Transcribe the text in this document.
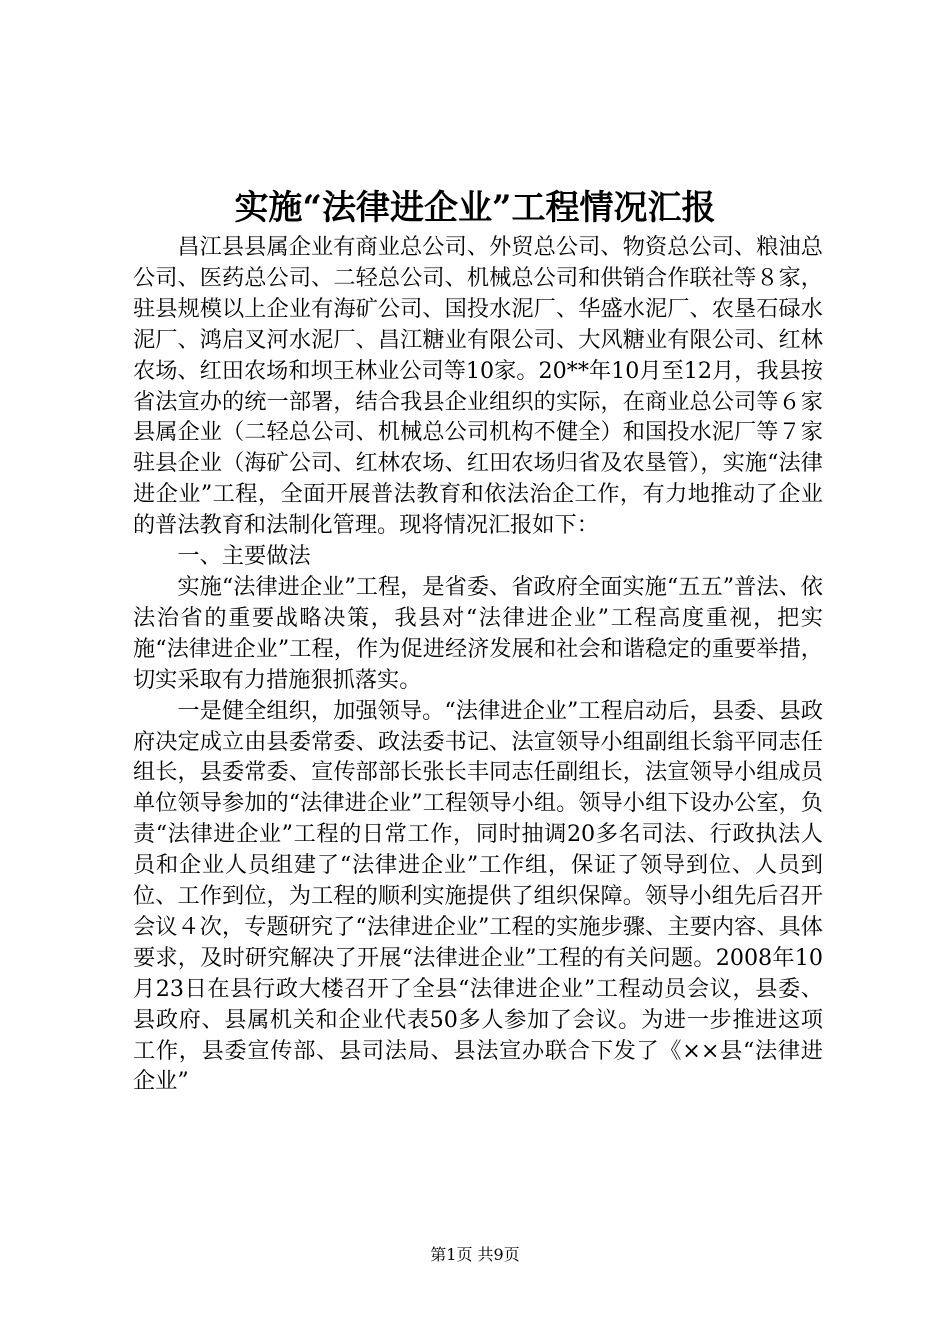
实施“法律进企业”工程情况汇报

昌江县县属企业有商业总公司、外贸总公司、物资总公司、粮油总公司、医药总公司、二轻总公司、机械总公司和供销合作联社等８家，驻县规模以上企业有海矿公司、国投水泥厂、华盛水泥厂、农垦石碌水泥厂、鸿启叉河水泥厂、昌江糖业有限公司、大风糖业有限公司、红林农场、红田农场和坝王林业公司等10家。20**年10月至12月，我县按省法宣办的统一部署，结合我县企业组织的实际，在商业总公司等６家县属企业（二轻总公司、机械总公司机构不健全）和国投水泥厂等７家驻县企业（海矿公司、红林农场、红田农场归省及农垦管），实施“法律进企业”工程，全面开展普法教育和依法治企工作，有力地推动了企业的普法教育和法制化管理。现将情况汇报如下：

一、主要做法

实施“法律进企业”工程，是省委、省政府全面实施“五五”普法、依法治省的重要战略决策，我县对“法律进企业”工程高度重视，把实施“法律进企业”工程，作为促进经济发展和社会和谐稳定的重要举措，切实采取有力措施狠抓落实。

一是健全组织，加强领导。“法律进企业”工程启动后，县委、县政府决定成立由县委常委、政法委书记、法宣领导小组副组长翁平同志任组长，县委常委、宣传部部长张长丰同志任副组长，法宣领导小组成员单位领导参加的“法律进企业”工程领导小组。领导小组下设办公室，负责“法律进企业”工程的日常工作，同时抽调20多名司法、行政执法人员和企业人员组建了“法律进企业”工作组，保证了领导到位、人员到位、工作到位，为工程的顺利实施提供了组织保障。领导小组先后召开会议４次，专题研究了“法律进企业”工程的实施步骤、主要内容、具体要求，及时研究解决了开展“法律进企业”工程的有关问题。2008年10月23日在县行政大楼召开了全县“法律进企业”工程动员会议，县委、县政府、县属机关和企业代表50多人参加了会议。为进一步推进这项工作，县委宣传部、县司法局、县法宣办联合下发了《××县“法律进企业”

第1页 共9页
